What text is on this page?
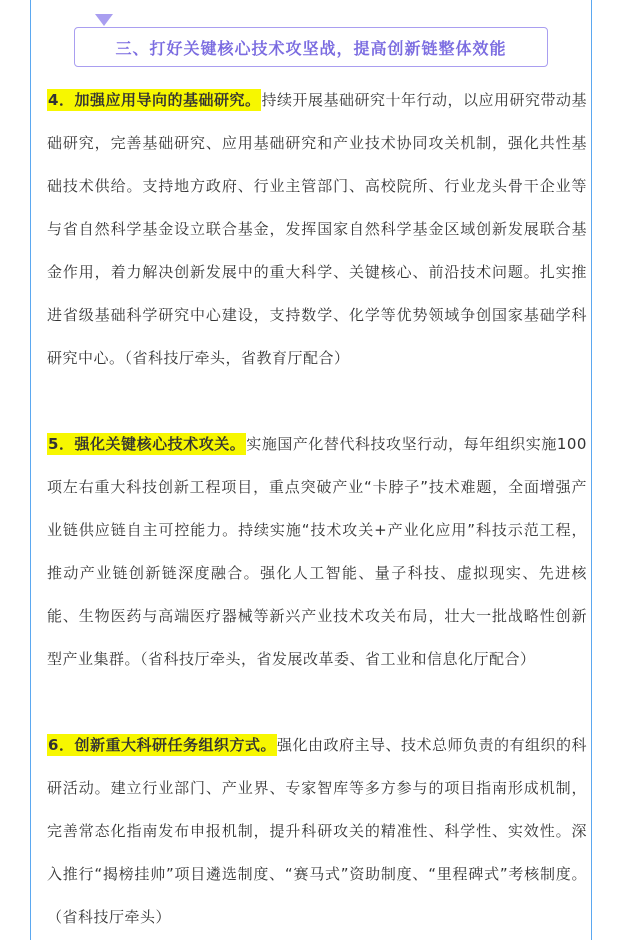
三、打好关键核心技术攻坚战，提高创新链整体效能
4．加强应用导向的基础研究。持续开展基础研究十年行动，以应用研究带动基础研究，完善基础研究、应用基础研究和产业技术协同攻关机制，强化共性基础技术供给。支持地方政府、行业主管部门、高校院所、行业龙头骨干企业等与省自然科学基金设立联合基金，发挥国家自然科学基金区域创新发展联合基金作用，着力解决创新发展中的重大科学、关键核心、前沿技术问题。扎实推进省级基础科学研究中心建设，支持数学、化学等优势领域争创国家基础学科研究中心。（省科技厅牵头，省教育厅配合）
5．强化关键核心技术攻关。实施国产化替代科技攻坚行动，每年组织实施100项左右重大科技创新工程项目，重点突破产业“卡脖子”技术难题，全面增强产业链供应链自主可控能力。持续实施“技术攻关+产业化应用”科技示范工程，推动产业链创新链深度融合。强化人工智能、量子科技、虚拟现实、先进核能、生物医药与高端医疗器械等新兴产业技术攻关布局，壮大一批战略性创新型产业集群。（省科技厅牵头，省发展改革委、省工业和信息化厅配合）
6．创新重大科研任务组织方式。强化由政府主导、技术总师负责的有组织的科研活动。建立行业部门、产业界、专家智库等多方参与的项目指南形成机制，完善常态化指南发布申报机制，提升科研攻关的精准性、科学性、实效性。深入推行“揭榜挂帅”项目遴选制度、“赛马式”资助制度、“里程碑式”考核制度。（省科技厅牵头）
